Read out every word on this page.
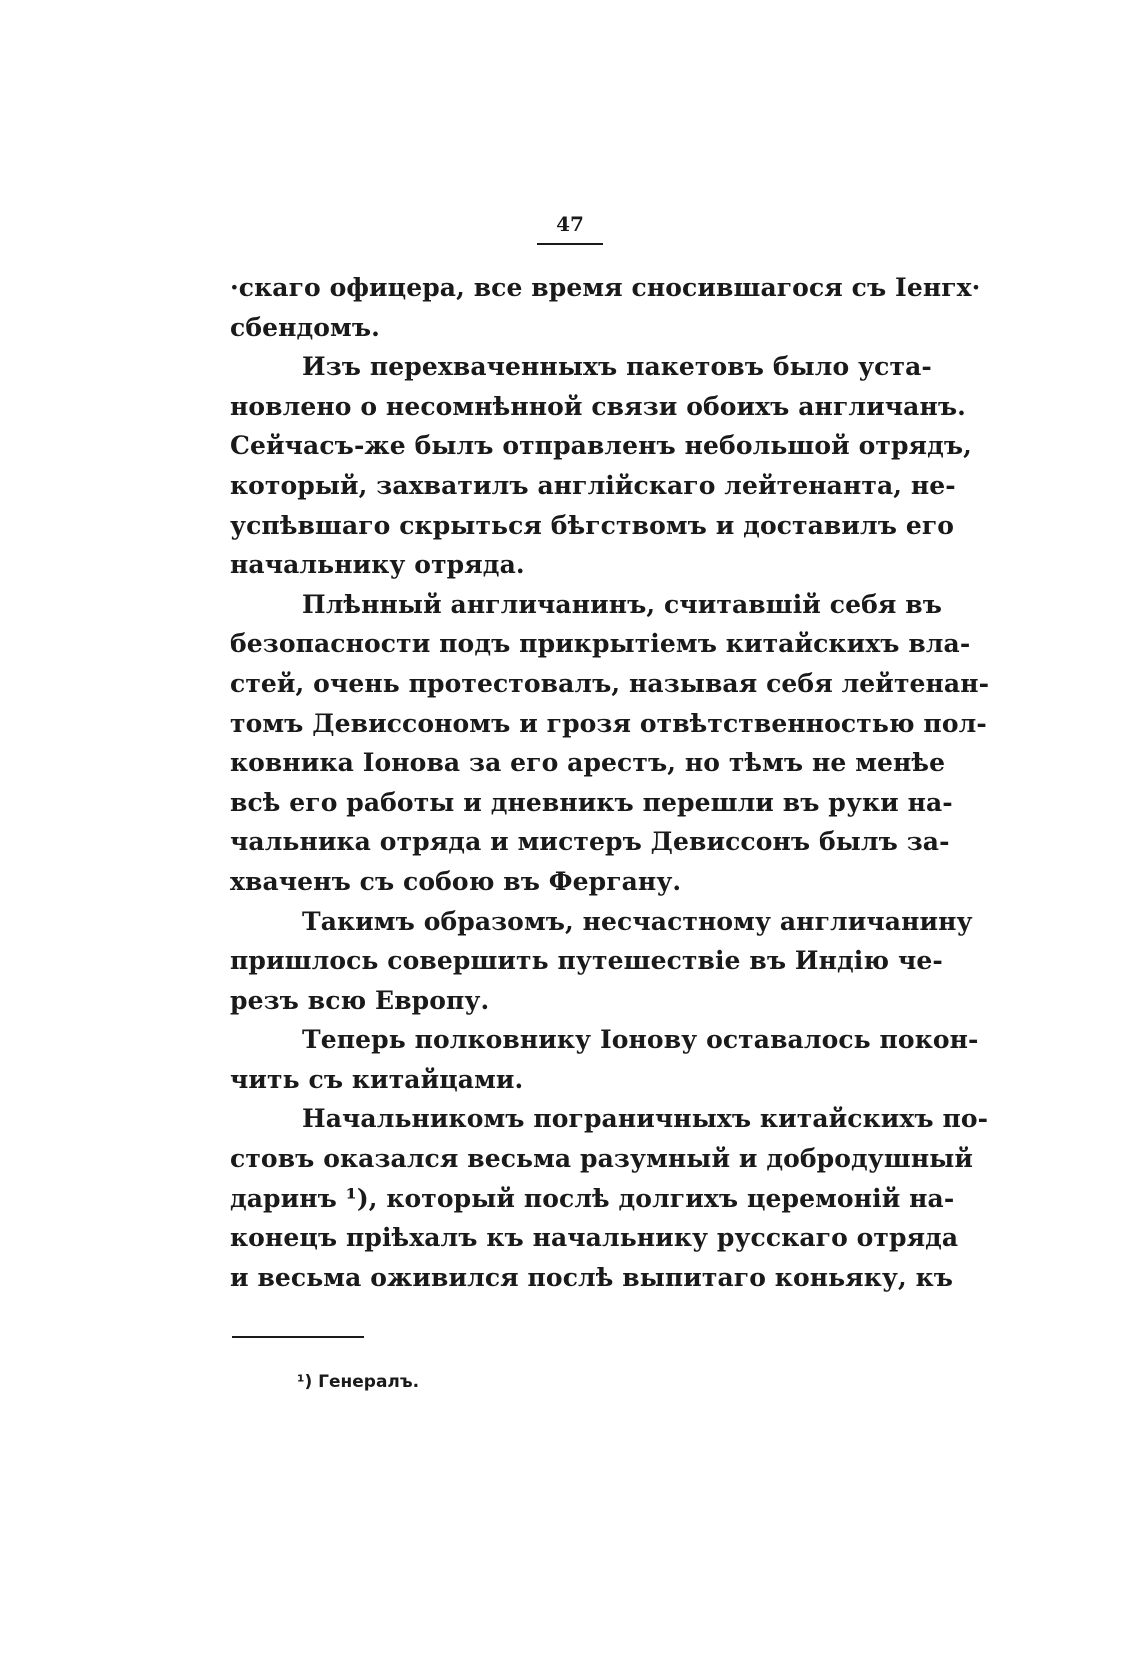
47
·скаго офицера, все время сносившагося съ Iенгх·
сбендомъ.
Изъ перехваченныхъ пакетовъ было уста-
новлено о несомнѣнной связи обоихъ англичанъ.
Сейчасъ-же былъ отправленъ небольшой отрядъ,
который, захватилъ англійскаго лейтенанта, не-
успѣвшаго скрыться бѣгствомъ и доставилъ его
начальнику отряда.
Плѣнный англичанинъ, считавшій себя въ
безопасности подъ прикрытіемъ китайскихъ вла-
стей, очень протестовалъ, называя себя лейтенан-
томъ Девиссономъ и грозя отвѣтственностью пол-
ковника Іонова за его арестъ, но тѣмъ не менѣе
всѣ его работы и дневникъ перешли въ руки на-
чальника отряда и мистеръ Девиссонъ былъ за-
хваченъ съ собою въ Фергану.
Такимъ образомъ, несчастному англичанину
пришлось совершить путешествіе въ Индію че-
резъ всю Европу.
Теперь полковнику Іонову оставалось покон-
чить съ китайцами.
Начальникомъ пограничныхъ китайскихъ по-
стовъ оказался весьма разумный и добродушный
даринъ ¹), который послѣ долгихъ церемоній на-
конецъ пріѣхалъ къ начальнику русскаго отряда
и весьма оживился послѣ выпитаго коньяку, къ
¹) Генералъ.
